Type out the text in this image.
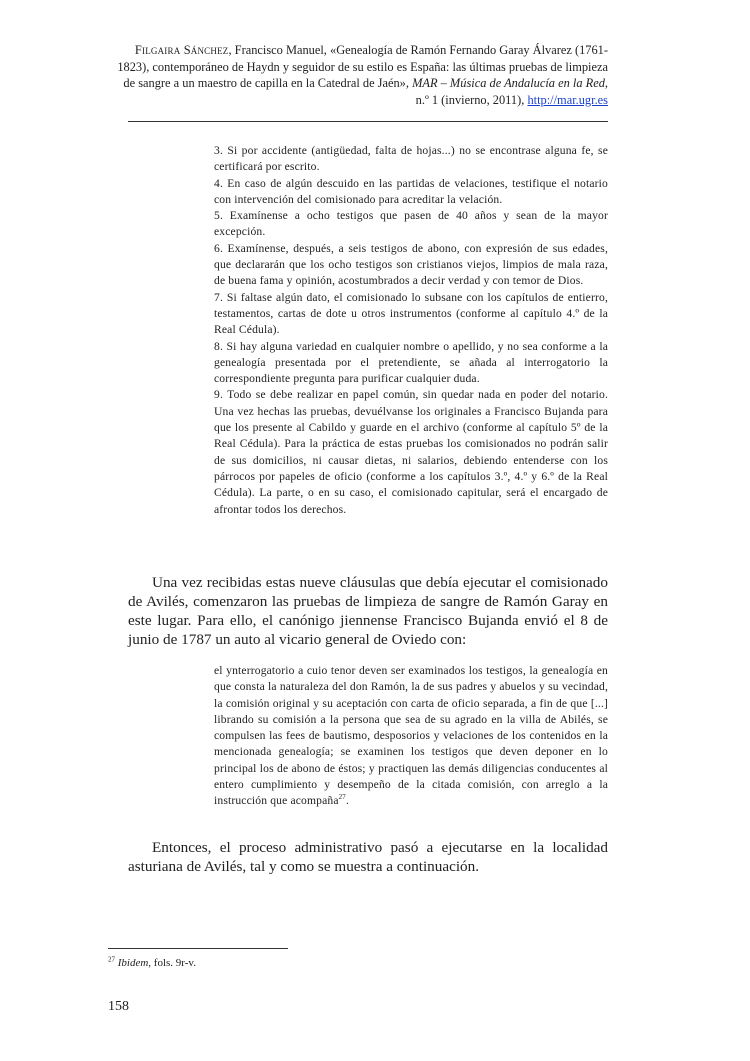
Filgaira Sánchez, Francisco Manuel, «Genealogía de Ramón Fernando Garay Álvarez (1761-
1823), contemporáneo de Haydn y seguidor de su estilo es España: las últimas pruebas de limpieza
de sangre a un maestro de capilla en la Catedral de Jaén», MAR – Música de Andalucía en la Red,
n.º 1 (invierno, 2011), http://mar.ugr.es

3. Si por accidente (antigüedad, falta de hojas...) no se encontrase alguna fe, se certificará por escrito.

4. En caso de algún descuido en las partidas de velaciones, testifique el notario con intervención del comisionado para acreditar la velación.

5. Examínense a ocho testigos que pasen de 40 años y sean de la mayor excepción.

6. Examínense, después, a seis testigos de abono, con expresión de sus edades, que declararán que los ocho testigos son cristianos viejos, limpios de mala raza, de buena fama y opinión, acostumbrados a decir verdad y con temor de Dios.

7. Si faltase algún dato, el comisionado lo subsane con los capítulos de entierro, testamentos, cartas de dote u otros instrumentos (conforme al capítulo 4.º de la Real Cédula).

8. Si hay alguna variedad en cualquier nombre o apellido, y no sea conforme a la genealogía presentada por el pretendiente, se añada al interrogatorio la correspondiente pregunta para purificar cualquier duda.

9. Todo se debe realizar en papel común, sin quedar nada en poder del notario. Una vez hechas las pruebas, devuélvanse los originales a Francisco Bujanda para que los presente al Cabildo y guarde en el archivo (conforme al capítulo 5º de la Real Cédula). Para la práctica de estas pruebas los comisionados no podrán salir de sus domicilios, ni causar dietas, ni salarios, debiendo entenderse con los párrocos por papeles de oficio (conforme a los capítulos 3.º, 4.º y 6.º de la Real Cédula). La parte, o en su caso, el comisionado capitular, será el encargado de afrontar todos los derechos.

Una vez recibidas estas nueve cláusulas que debía ejecutar el comisionado de Avilés, comenzaron las pruebas de limpieza de sangre de Ramón Garay en este lugar. Para ello, el canónigo jiennense Francisco Bujanda envió el 8 de junio de 1787 un auto al vicario general de Oviedo con:

el ynterrogatorio a cuio tenor deven ser examinados los testigos, la genealogía en que consta la naturaleza del don Ramón, la de sus padres y abuelos y su vecindad, la comisión original y su aceptación con carta de oficio separada, a fin de que [...] librando su comisión a la persona que sea de su agrado en la villa de Abilés, se compulsen las fees de bautismo, desposorios y velaciones de los contenidos en la mencionada genealogía; se examinen los testigos que deven deponer en lo principal los de abono de éstos; y practiquen las demás diligencias conducentes al entero cumplimiento y desempeño de la citada comisión, con arreglo a la instrucción que acompaña$^{27}$.

Entonces, el proceso administrativo pasó a ejecutarse en la localidad asturiana de Avilés, tal y como se muestra a continuación.

$^{27}$ Ibidem, fols. 9r-v.
158
